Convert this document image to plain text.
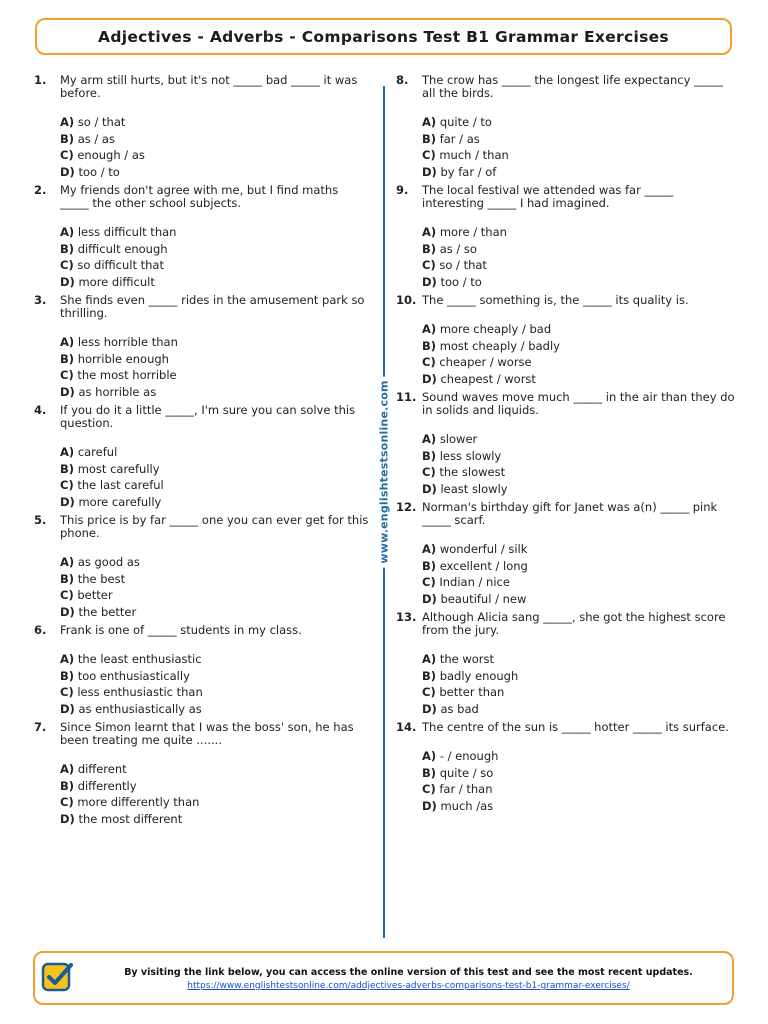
Adjectives - Adverbs - Comparisons Test B1 Grammar Exercises
1. My arm still hurts, but it's not _____ bad _____ it was before.
A) so / that
B) as / as
C) enough / as
D) too / to
2. My friends don't agree with me, but I find maths _____ the other school subjects.
A) less difficult than
B) difficult enough
C) so difficult that
D) more difficult
3. She finds even _____ rides in the amusement park so thrilling.
A) less horrible than
B) horrible enough
C) the most horrible
D) as horrible as
4. If you do it a little _____, I'm sure you can solve this question.
A) careful
B) most carefully
C) the last careful
D) more carefully
5. This price is by far _____ one you can ever get for this phone.
A) as good as
B) the best
C) better
D) the better
6. Frank is one of _____ students in my class.
A) the least enthusiastic
B) too enthusiastically
C) less enthusiastic than
D) as enthusiastically as
7. Since Simon learnt that I was the boss' son, he has been treating me quite .......
A) different
B) differently
C) more differently than
D) the most different
8. The crow has _____ the longest life expectancy _____ all the birds.
A) quite / to
B) far / as
C) much / than
D) by far / of
9. The local festival we attended was far _____ interesting _____ I had imagined.
A) more / than
B) as / so
C) so / that
D) too / to
10. The _____ something is, the _____ its quality is.
A) more cheaply / bad
B) most cheaply / badly
C) cheaper / worse
D) cheapest / worst
11. Sound waves move much _____ in the air than they do in solids and liquids.
A) slower
B) less slowly
C) the slowest
D) least slowly
12. Norman's birthday gift for Janet was a(n) _____ pink _____ scarf.
A) wonderful / silk
B) excellent / long
C) Indian / nice
D) beautiful / new
13. Although Alicia sang _____, she got the highest score from the jury.
A) the worst
B) badly enough
C) better than
D) as bad
14. The centre of the sun is _____ hotter _____ its surface.
A) - / enough
B) quite / so
C) far / than
D) much /as
www.englishtestsonline.com
By visiting the link below, you can access the online version of this test and see the most recent updates.
https://www.englishtestsonline.com/addjectives-adverbs-comparisons-test-b1-grammar-exercises/
